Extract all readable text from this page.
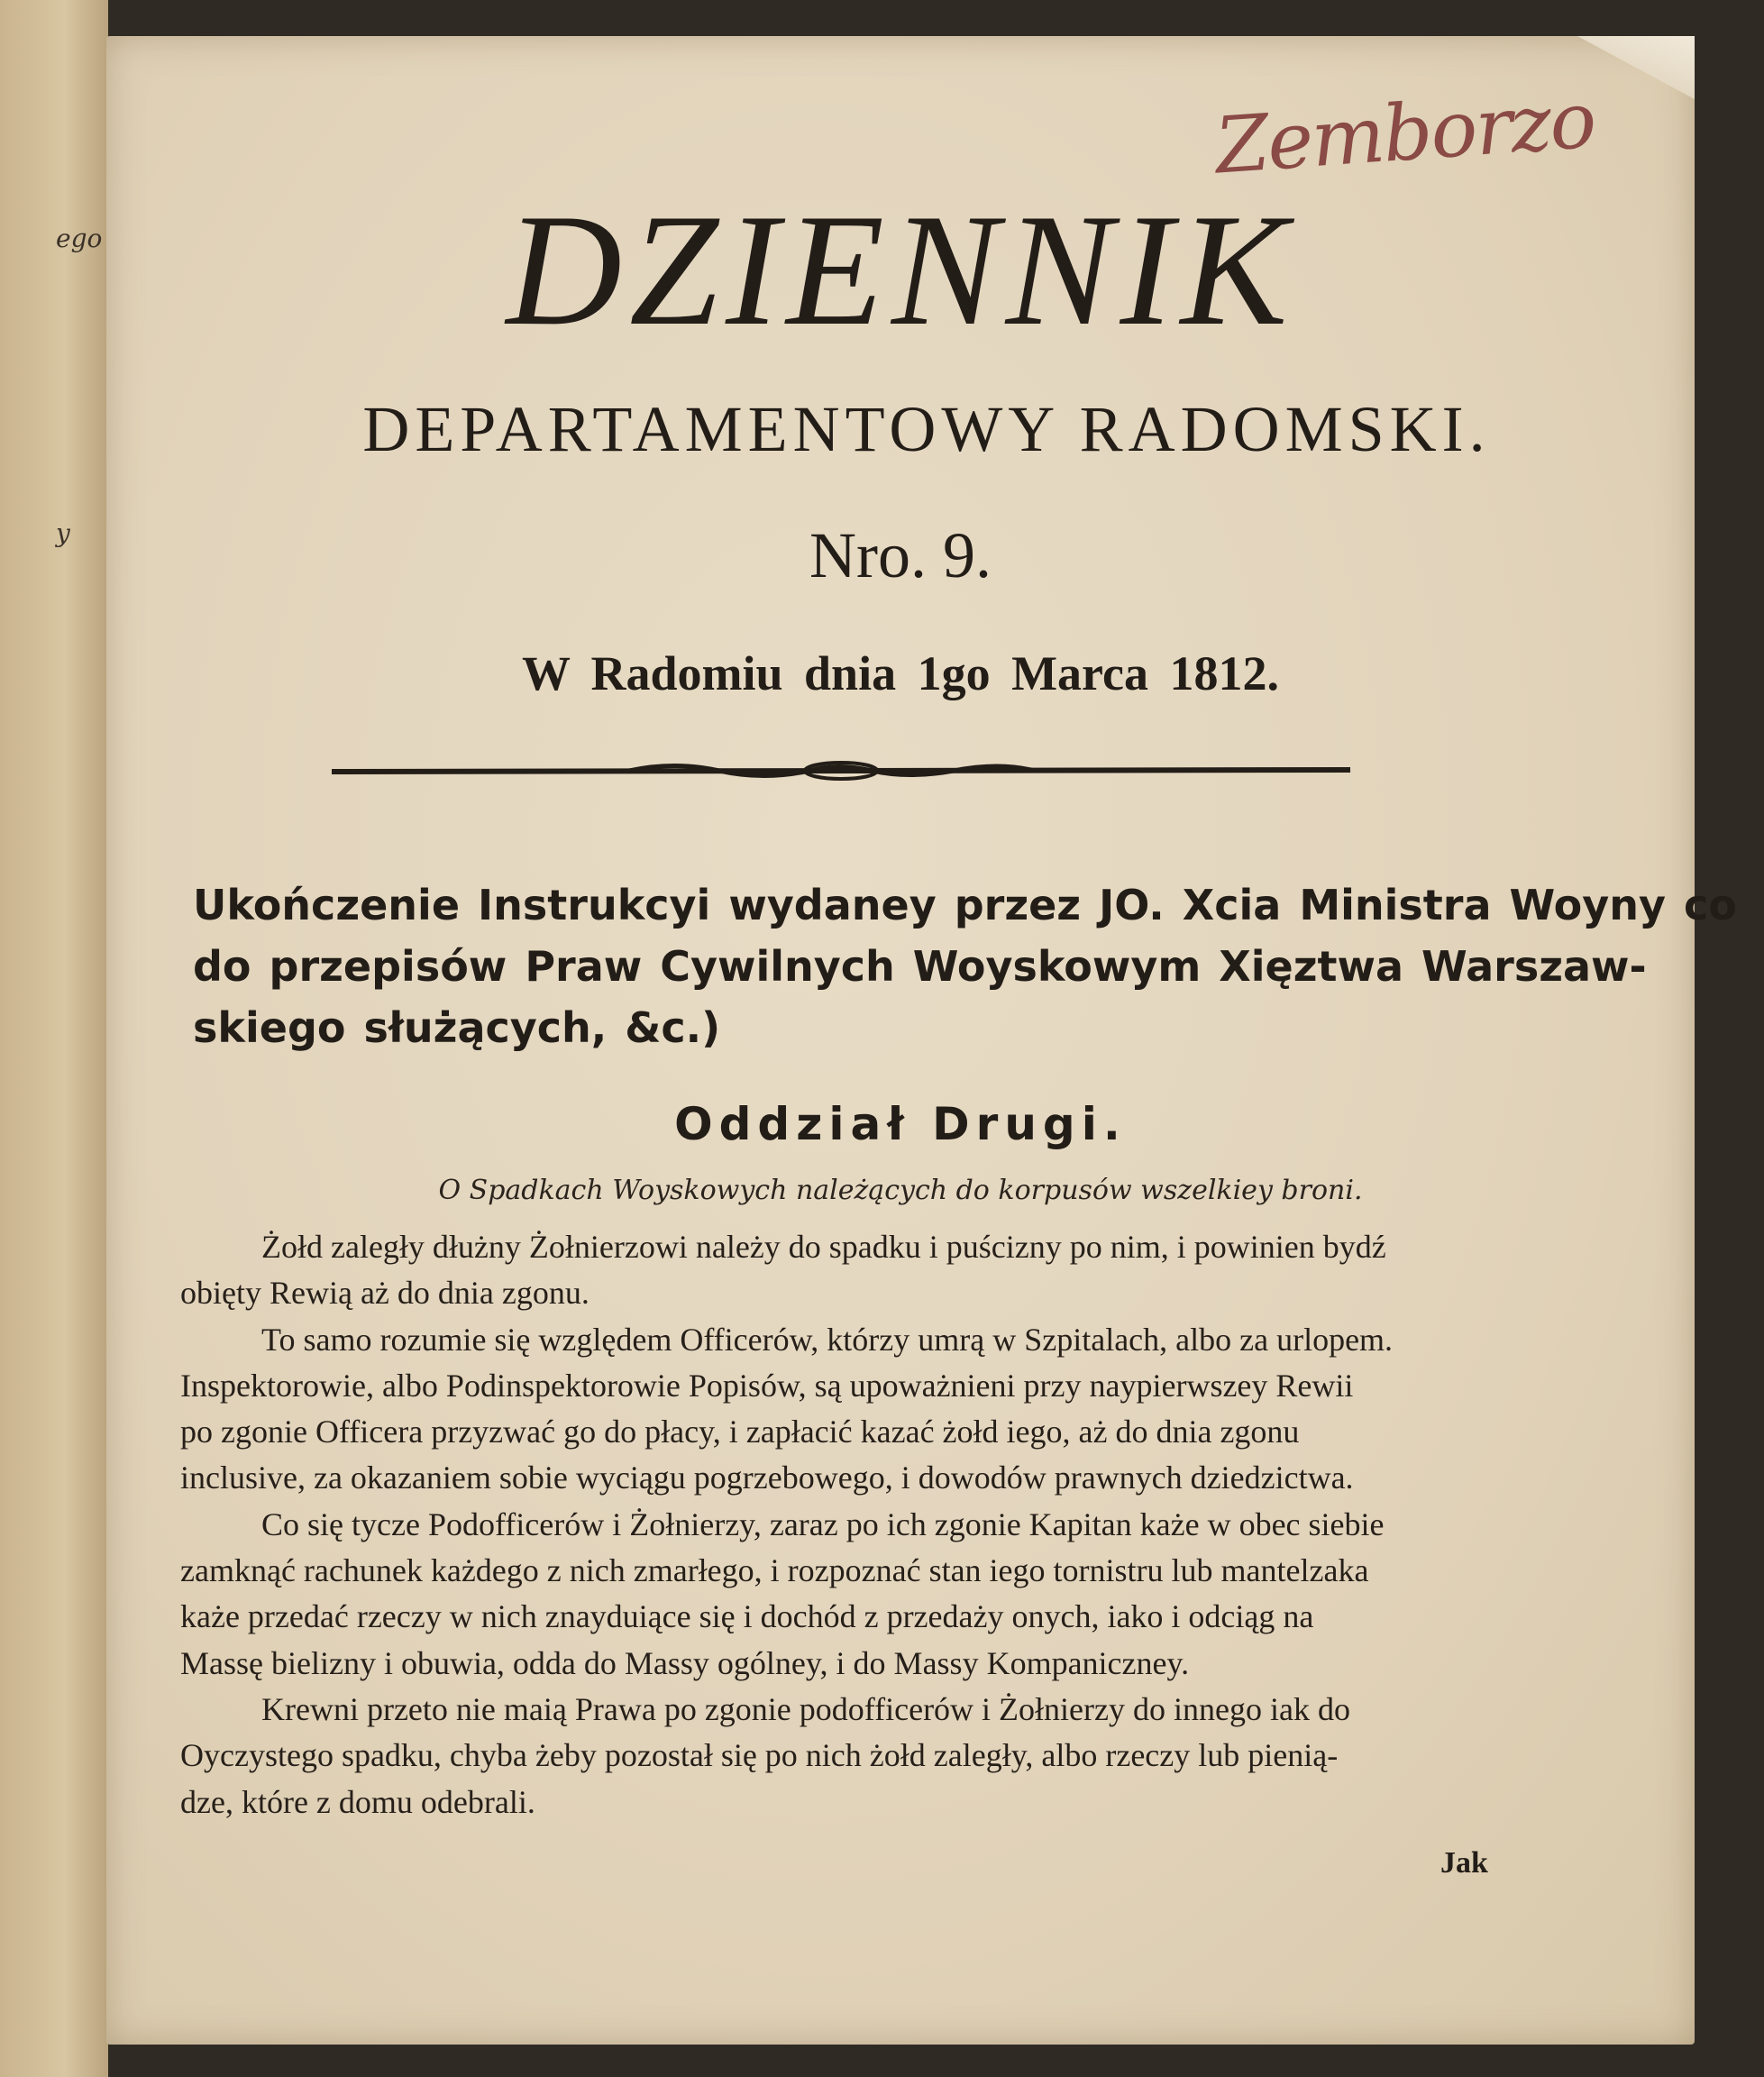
ego
y
Zemborzo
DZIENNIK
DEPARTAMENTOWY RADOMSKI.
Nro. 9.
W Radomiu dnia 1go Marca 1812.
Ukończenie Instrukcyi wydaney przez JO. Xcia Ministra Woyny co
do przepisów Praw Cywilnych Woyskowym Xięztwa Warszaw-
skiego służących, &c.)
Oddział Drugi.
O Spadkach Woyskowych należących do korpusów wszelkiey broni.
Żołd zaległy dłużny Żołnierzowi należy do spadku i puścizny po nim, i powinien bydź
obięty Rewią aż do dnia zgonu.
To samo rozumie się względem Officerów, którzy umrą w Szpitalach, albo za urlopem.
Inspektorowie, albo Podinspektorowie Popisów, są upoważnieni przy naypierwszey Rewii
po zgonie Officera przyzwać go do płacy, i zapłacić kazać żołd iego, aż do dnia zgonu
inclusive, za okazaniem sobie wyciągu pogrzebowego, i dowodów prawnych dziedzictwa.
Co się tycze Podofficerów i Żołnierzy, zaraz po ich zgonie Kapitan każe w obec siebie
zamknąć rachunek każdego z nich zmarłego, i rozpoznać stan iego tornistru lub mantelzaka
każe przedać rzeczy w nich znayduiące się i dochód z przedaży onych, iako i odciąg na
Massę bielizny i obuwia, odda do Massy ogólney, i do Massy Kompaniczney.
Krewni przeto nie maią Prawa po zgonie podofficerów i Żołnierzy do innego iak do
Oyczystego spadku, chyba żeby pozostał się po nich żołd zaległy, albo rzeczy lub pienią-
dze, które z domu odebrali.
Jak
